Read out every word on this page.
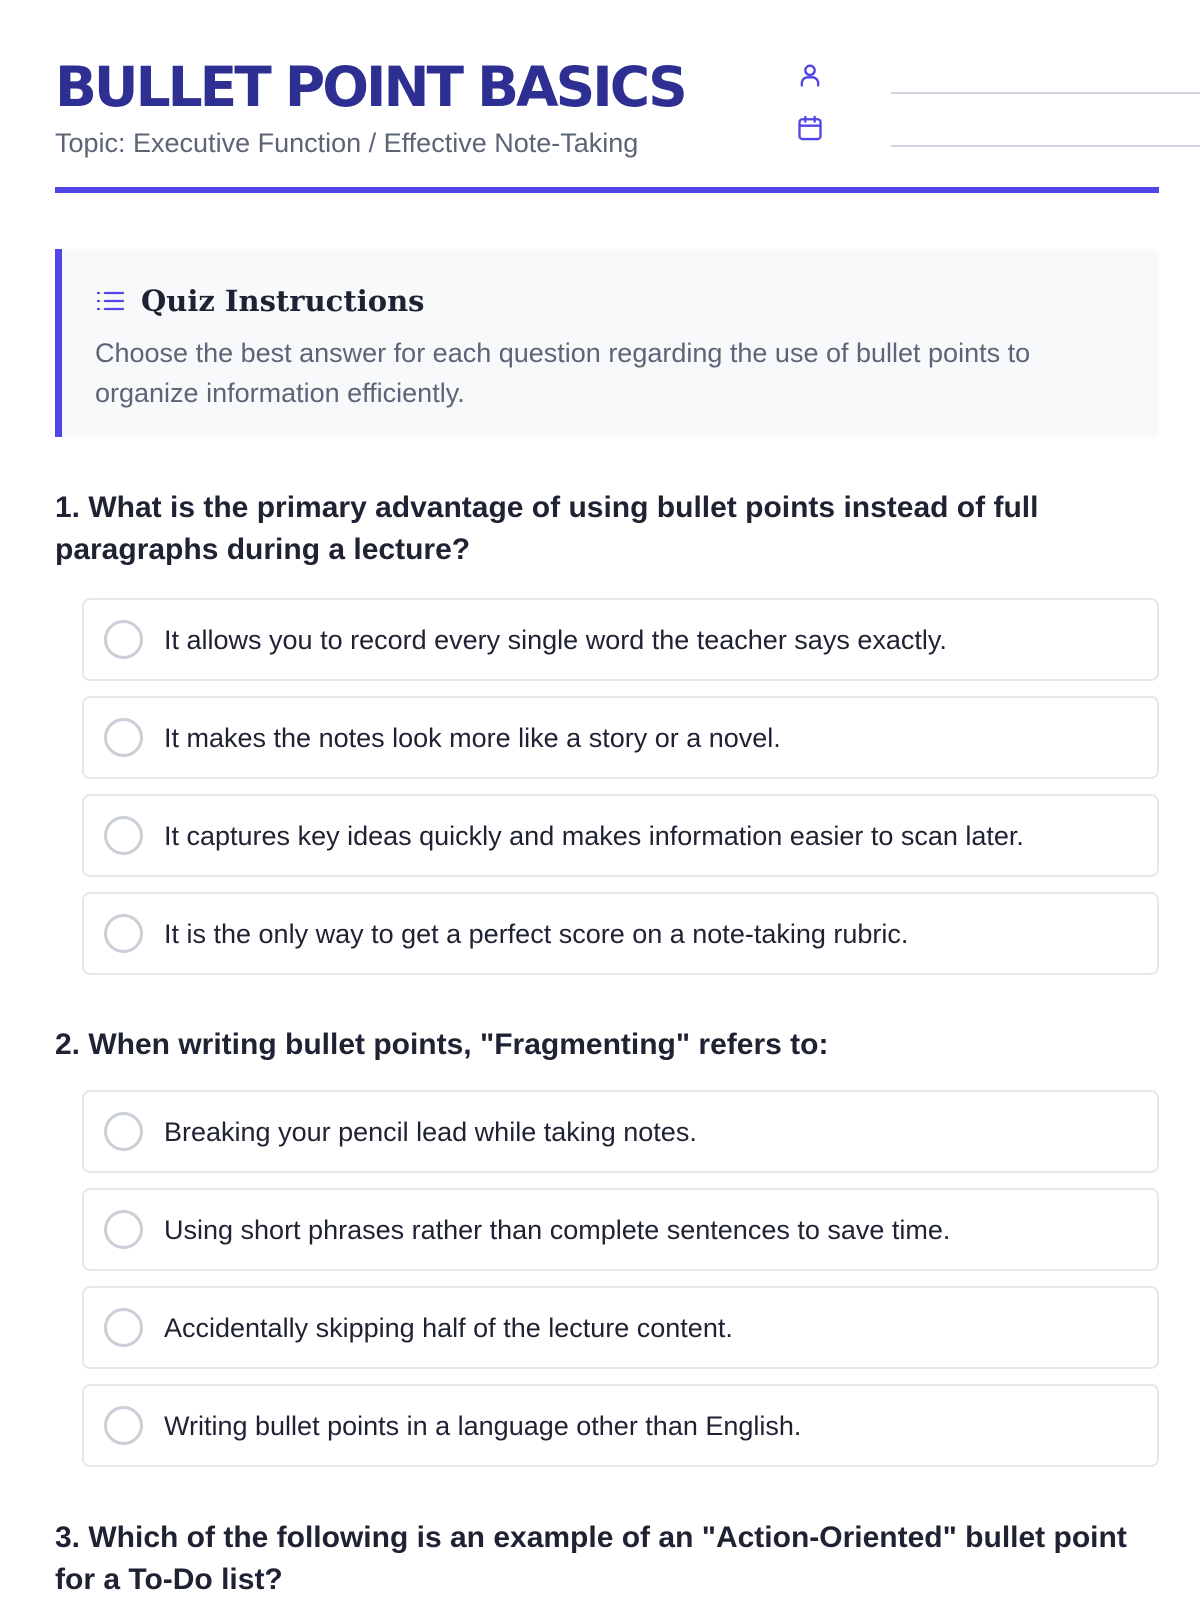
BULLET POINT BASICS
Topic: Executive Function / Effective Note-Taking
Quiz Instructions
Choose the best answer for each question regarding the use of bullet points to organize information efficiently.

1. What is the primary advantage of using bullet points instead of full paragraphs during a lecture?

It allows you to record every single word the teacher says exactly.
It makes the notes look more like a story or a novel.
It captures key ideas quickly and makes information easier to scan later.
It is the only way to get a perfect score on a note-taking rubric.

2. When writing bullet points, "Fragmenting" refers to:

Breaking your pencil lead while taking notes.
Using short phrases rather than complete sentences to save time.
Accidentally skipping half of the lecture content.
Writing bullet points in a language other than English.

3. Which of the following is an example of an "Action-Oriented" bullet point for a To-Do list?
